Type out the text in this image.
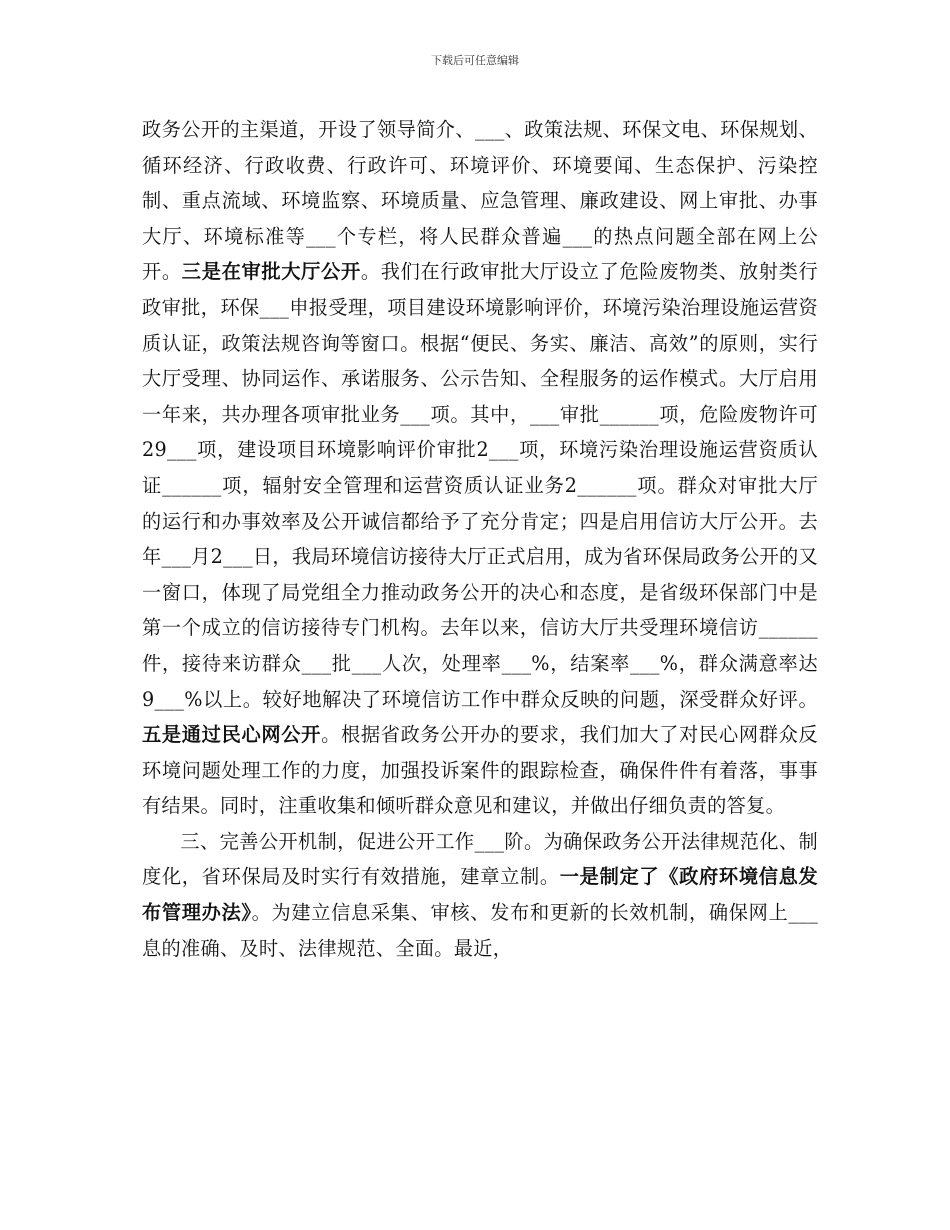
下载后可任意编辑

政务公开的主渠道，开设了领导简介、___、政策法规、环保文电、环保规划、循环经济、行政收费、行政许可、环境评价、环境要闻、生态保护、污染控制、重点流域、环境监察、环境质量、应急管理、廉政建设、网上审批、办事大厅、环境标准等___个专栏，将人民群众普遍___的热点问题全部在网上公开。三是在审批大厅公开。我们在行政审批大厅设立了危险废物类、放射类行政审批，环保___申报受理，项目建设环境影响评价，环境污染治理设施运营资质认证，政策法规咨询等窗口。根据“便民、务实、廉洁、高效”的原则，实行大厅受理、协同运作、承诺服务、公示告知、全程服务的运作模式。大厅启用一年来，共办理各项审批业务___项。其中，___审批______项，危险废物许可29___项，建设项目环境影响评价审批2___项，环境污染治理设施运营资质认证______项，辐射安全管理和运营资质认证业务2______项。群众对审批大厅的运行和办事效率及公开诚信都给予了充分肯定；四是启用信访大厅公开。去年___月2___日，我局环境信访接待大厅正式启用，成为省环保局政务公开的又一窗口，体现了局党组全力推动政务公开的决心和态度，是省级环保部门中是第一个成立的信访接待专门机构。去年以来，信访大厅共受理环境信访______件，接待来访群众___批___人次，处理率___%，结案率___%，群众满意率达9___%以上。较好地解决了环境信访工作中群众反映的问题，深受群众好评。五是通过民心网公开。根据省政务公开办的要求，我们加大了对民心网群众反环境问题处理工作的力度，加强投诉案件的跟踪检查，确保件件有着落，事事有结果。同时，注重收集和倾听群众意见和建议，并做出仔细负责的答复。

三、完善公开机制，促进公开工作___阶。为确保政务公开法律规范化、制度化，省环保局及时实行有效措施，建章立制。一是制定了《政府环境信息发布管理办法》。为建立信息采集、审核、发布和更新的长效机制，确保网上___息的准确、及时、法律规范、全面。最近，
